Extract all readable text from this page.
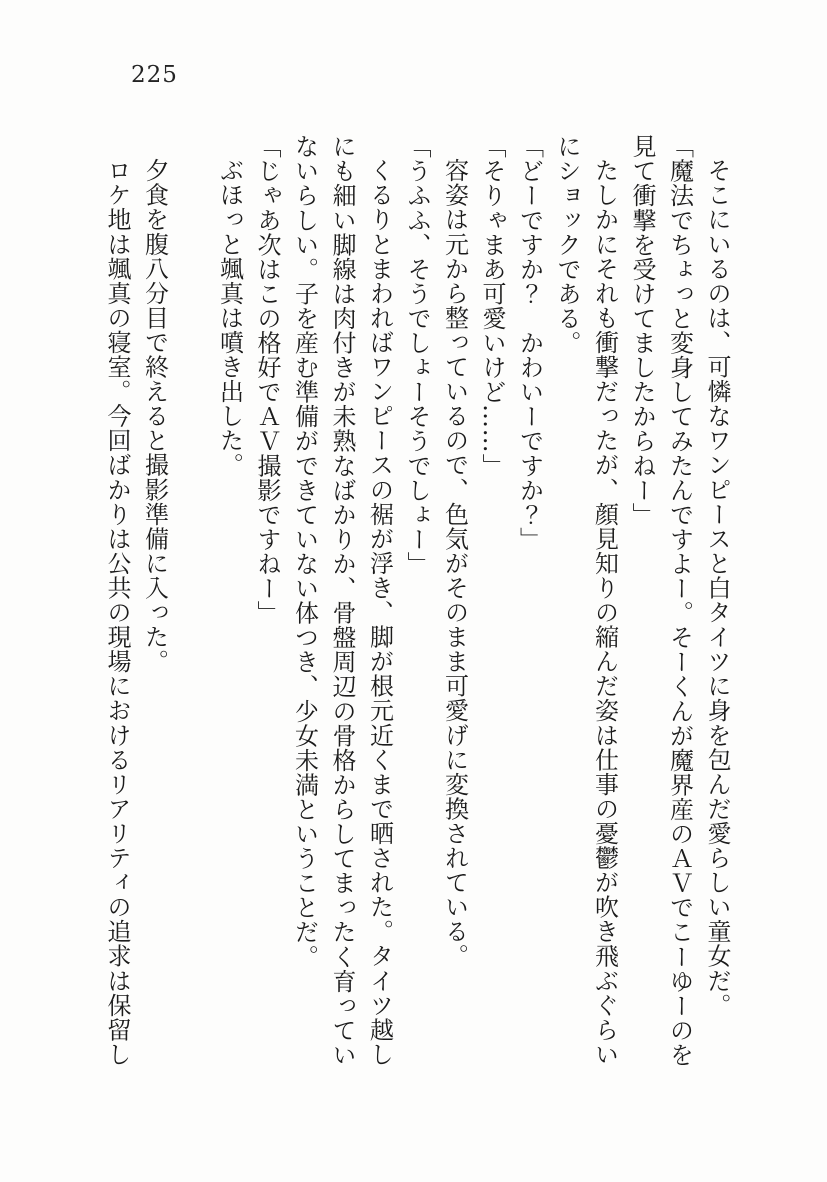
225

そこにいるのは、可憐なワンピースと白タイツに身を包んだ愛らしい童女だ。

「魔法でちょっと変身してみたんですよー。そーくんが魔界産のＡＶでこーゆーのを見て衝撃を受けてましたからねー」

たしかにそれも衝撃だったが、顔見知りの縮んだ姿は仕事の憂鬱が吹き飛ぶぐらいにショックである。

「どーですか？　かわいーですか？」

「そりゃまあ可愛いけど……」

容姿は元から整っているので、色気がそのまま可愛げに変換されている。

「うふふ、そうでしょーそうでしょー」

くるりとまわればワンピースの裾が浮き、脚が根元近くまで晒された。タイツ越しにも細い脚線は肉付きが未熟なばかりか、骨盤周辺の骨格からしてまったく育っていないらしい。子を産む準備ができていない体つき、少女未満ということだ。

「じゃあ次はこの格好でＡＶ撮影ですねー」

ぶほっと颯真は噴き出した。

夕食を腹八分目で終えると撮影準備に入った。

ロケ地は颯真の寝室。今回ばかりは公共の現場におけるリアリティの追求は保留し
